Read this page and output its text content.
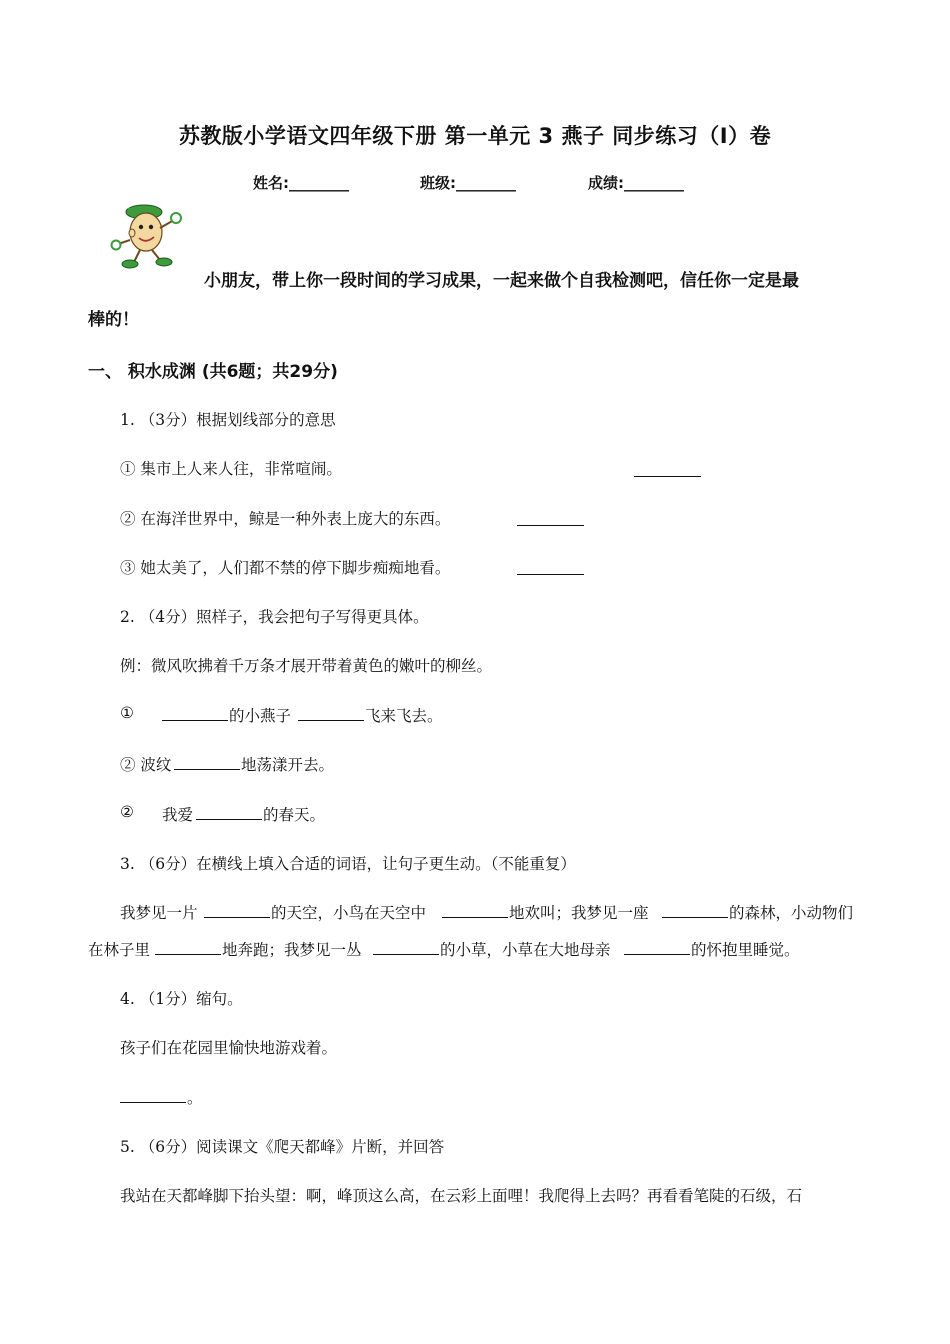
苏教版小学语文四年级下册 第一单元 3 燕子 同步练习（I）卷
姓名:________	班级:________	成绩:________
小朋友，带上你一段时间的学习成果，一起来做个自我检测吧，信任你一定是最
棒的！
一、 积水成渊 (共6题；共29分)
1. （3分）根据划线部分的意思
① 集市上人来人往，非常喧闹。
② 在海洋世界中，鲸是一种外表上庞大的东西。
③ 她太美了，人们都不禁的停下脚步痴痴地看。
2. （4分）照样子，我会把句子写得更具体。
例：微风吹拂着千万条才展开带着黄色的嫩叶的柳丝。
①	的小燕子	飞来飞去。
② 波纹	地荡漾开去。
② 我爱	的春天。
3. （6分）在横线上填入合适的词语，让句子更生动。（不能重复）
我梦见一片	的天空，小鸟在天空中	地欢叫；我梦见一座	的森林，小动物们
在林子里	地奔跑；我梦见一丛	的小草，小草在大地母亲	的怀抱里睡觉。
4. （1分）缩句。
孩子们在花园里愉快地游戏着。
。
5. （6分）阅读课文《爬天都峰》片断，并回答
我站在天都峰脚下抬头望：啊，峰顶这么高，在云彩上面哩！我爬得上去吗？再看看笔陡的石级，石
